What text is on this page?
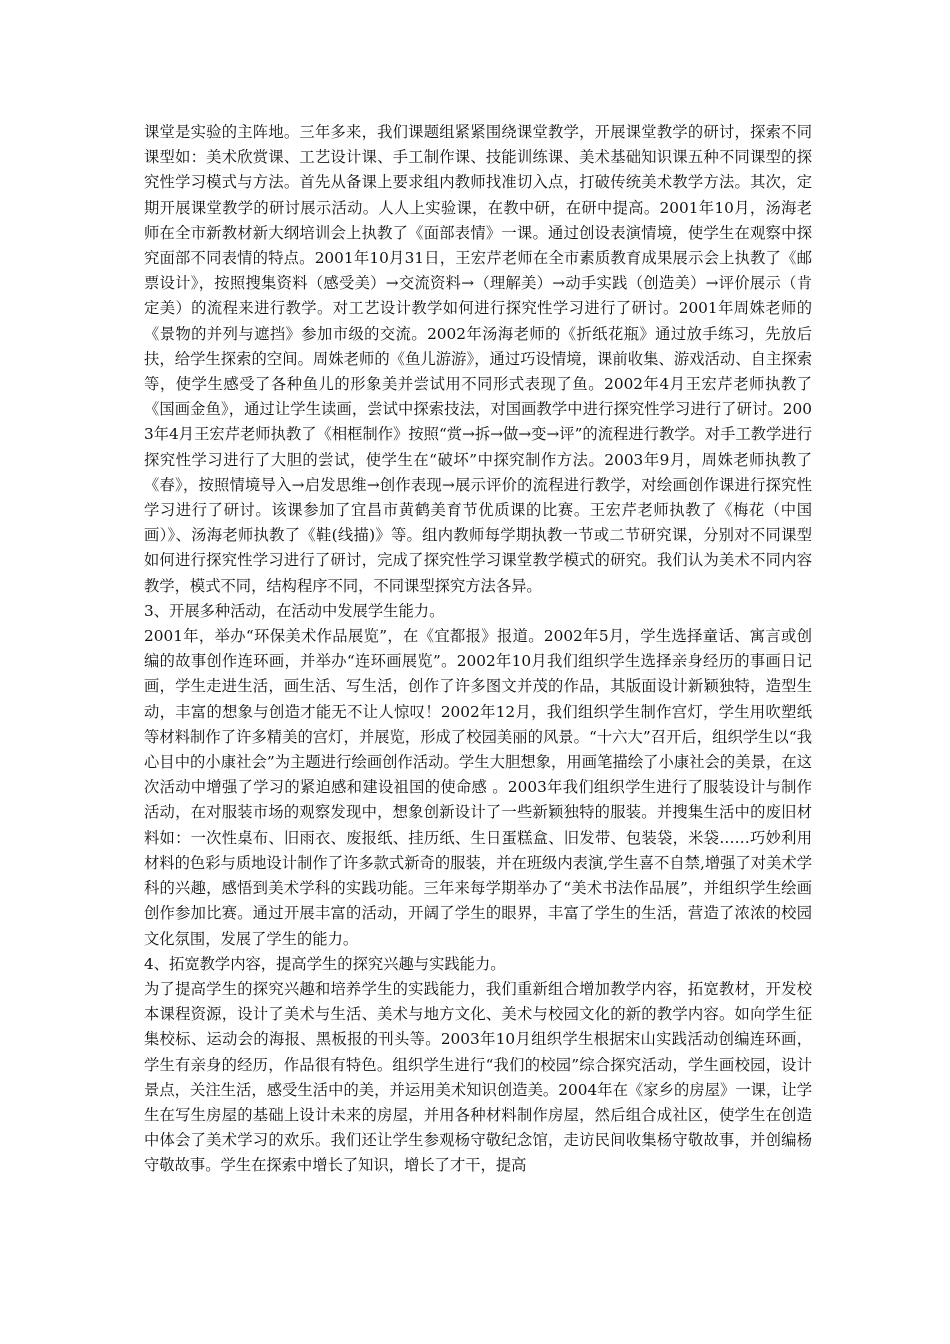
课堂是实验的主阵地。三年多来，我们课题组紧紧围绕课堂教学，开展课堂教学的研讨，探索不同课型如：美术欣赏课、工艺设计课、手工制作课、技能训练课、美术基础知识课五种不同课型的探究性学习模式与方法。首先从备课上要求组内教师找准切入点，打破传统美术教学方法。其次，定期开展课堂教学的研讨展示活动。人人上实验课，在教中研，在研中提高。2001年10月，汤海老师在全市新教材新大纲培训会上执教了《面部表情》一课。通过创设表演情境，使学生在观察中探究面部不同表情的特点。2001年10月31日，王宏芹老师在全市素质教育成果展示会上执教了《邮票设计》，按照搜集资料（感受美）→交流资料→（理解美）→动手实践（创造美）→评价展示（肯定美）的流程来进行教学。对工艺设计教学如何进行探究性学习进行了研讨。2001年周姝老师的《景物的并列与遮挡》参加市级的交流。2002年汤海老师的《折纸花瓶》通过放手练习，先放后扶，给学生探索的空间。周姝老师的《鱼儿游游》，通过巧设情境，课前收集、游戏活动、自主探索等，使学生感受了各种鱼儿的形象美并尝试用不同形式表现了鱼。2002年4月王宏芹老师执教了《国画金鱼》，通过让学生读画，尝试中探索技法，对国画教学中进行探究性学习进行了研讨。2003年4月王宏芹老师执教了《相框制作》按照“赏→拆→做→变→评”的流程进行教学。对手工教学进行探究性学习进行了大胆的尝试，使学生在“破坏”中探究制作方法。2003年9月，周姝老师执教了《春》，按照情境导入→启发思维→创作表现→展示评价的流程进行教学，对绘画创作课进行探究性学习进行了研讨。该课参加了宜昌市黄鹤美育节优质课的比赛。王宏芹老师执教了《梅花（中国画）》、汤海老师执教了《鞋(线描)》等。组内教师每学期执教一节或二节研究课，分别对不同课型如何进行探究性学习进行了研讨，完成了探究性学习课堂教学模式的研究。我们认为美术不同内容教学，模式不同，结构程序不同，不同课型探究方法各异。

3、开展多种活动，在活动中发展学生能力。

2001年，举办“环保美术作品展览”，在《宜都报》报道。2002年5月，学生选择童话、寓言或创编的故事创作连环画，并举办“连环画展览”。2002年10月我们组织学生选择亲身经历的事画日记画，学生走进生活，画生活、写生活，创作了许多图文并茂的作品，其版面设计新颖独特，造型生动，丰富的想象与创造才能无不让人惊叹！2002年12月，我们组织学生制作宫灯，学生用吹塑纸等材料制作了许多精美的宫灯，并展览，形成了校园美丽的风景。“十六大”召开后，组织学生以“我心目中的小康社会”为主题进行绘画创作活动。学生大胆想象，用画笔描绘了小康社会的美景，在这次活动中增强了学习的紧迫感和建设祖国的使命感 。2003年我们组织学生进行了服装设计与制作活动，在对服装市场的观察发现中，想象创新设计了一些新颖独特的服装。并搜集生活中的废旧材料如：一次性桌布、旧雨衣、废报纸、挂历纸、生日蛋糕盒、旧发带、包装袋，米袋……巧妙利用材料的色彩与质地设计制作了许多款式新奇的服装，并在班级内表演,学生喜不自禁,增强了对美术学科的兴趣，感悟到美术学科的实践功能。三年来每学期举办了“美术书法作品展”，并组织学生绘画创作参加比赛。通过开展丰富的活动，开阔了学生的眼界，丰富了学生的生活，营造了浓浓的校园文化氛围，发展了学生的能力。

4、拓宽教学内容，提高学生的探究兴趣与实践能力。

为了提高学生的探究兴趣和培养学生的实践能力，我们重新组合增加教学内容，拓宽教材，开发校本课程资源，设计了美术与生活、美术与地方文化、美术与校园文化的新的教学内容。如向学生征集校标、运动会的海报、黑板报的刊头等。2003年10月组织学生根据宋山实践活动创编连环画，学生有亲身的经历，作品很有特色。组织学生进行“我们的校园”综合探究活动，学生画校园，设计景点，关注生活，感受生活中的美，并运用美术知识创造美。2004年在《家乡的房屋》一课，让学生在写生房屋的基础上设计未来的房屋，并用各种材料制作房屋，然后组合成社区，使学生在创造中体会了美术学习的欢乐。我们还让学生参观杨守敬纪念馆，走访民间收集杨守敬故事，并创编杨守敬故事。学生在探索中增长了知识，增长了才干，提高
